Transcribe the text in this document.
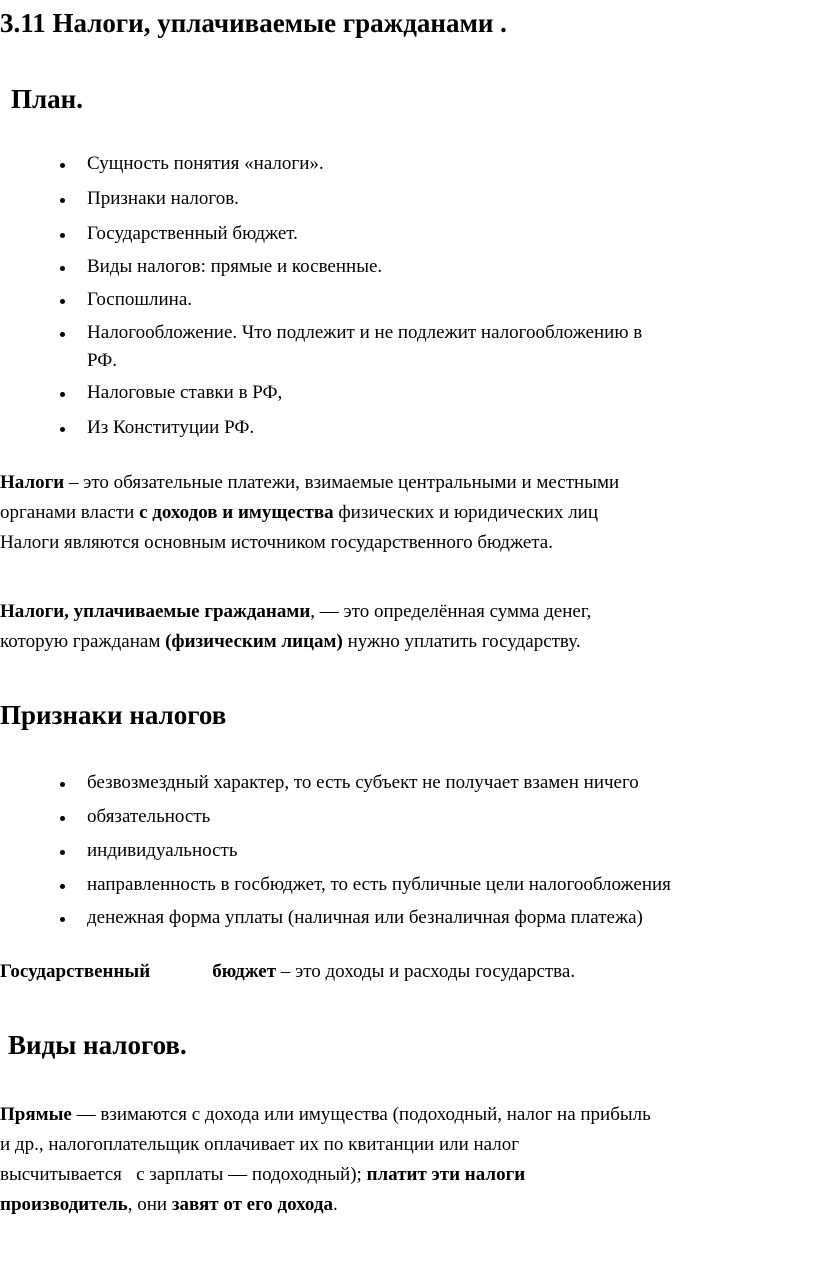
3.11 Налоги, уплачиваемые гражданами .
План.
Сущность понятия «налоги».
Признаки налогов.
Государственный бюджет.
Виды налогов: прямые и косвенные.
Госпошлина.
Налогообложение. Что подлежит и не подлежит налогообложению в
РФ.
Налоговые ставки в РФ,
Из Конституции РФ.
Налоги – это обязательные платежи, взимаемые центральными и местными
органами власти с доходов и имущества физических и юридических лиц
Налоги являются основным источником государственного бюджета.
Налоги, уплачиваемые гражданами, — это определённая сумма денег,
которую гражданам (физическим лицам) нужно уплатить государству.
Признаки налогов
безвозмездный характер, то есть субъект не получает взамен ничего
обязательность
индивидуальность
направленность в госбюджет, то есть публичные цели налогообложения
денежная форма уплаты (наличная или безналичная форма платежа)
Государственный	бюджет – это доходы и расходы государства.
Виды налогов.
Прямые — взимаются с дохода или имущества (подоходный, налог на прибыль
и др., налогоплательщик оплачивает их по квитанции или налог
высчитывается   с зарплаты — подоходный); платит эти налоги
производитель, они завят от его дохода.
